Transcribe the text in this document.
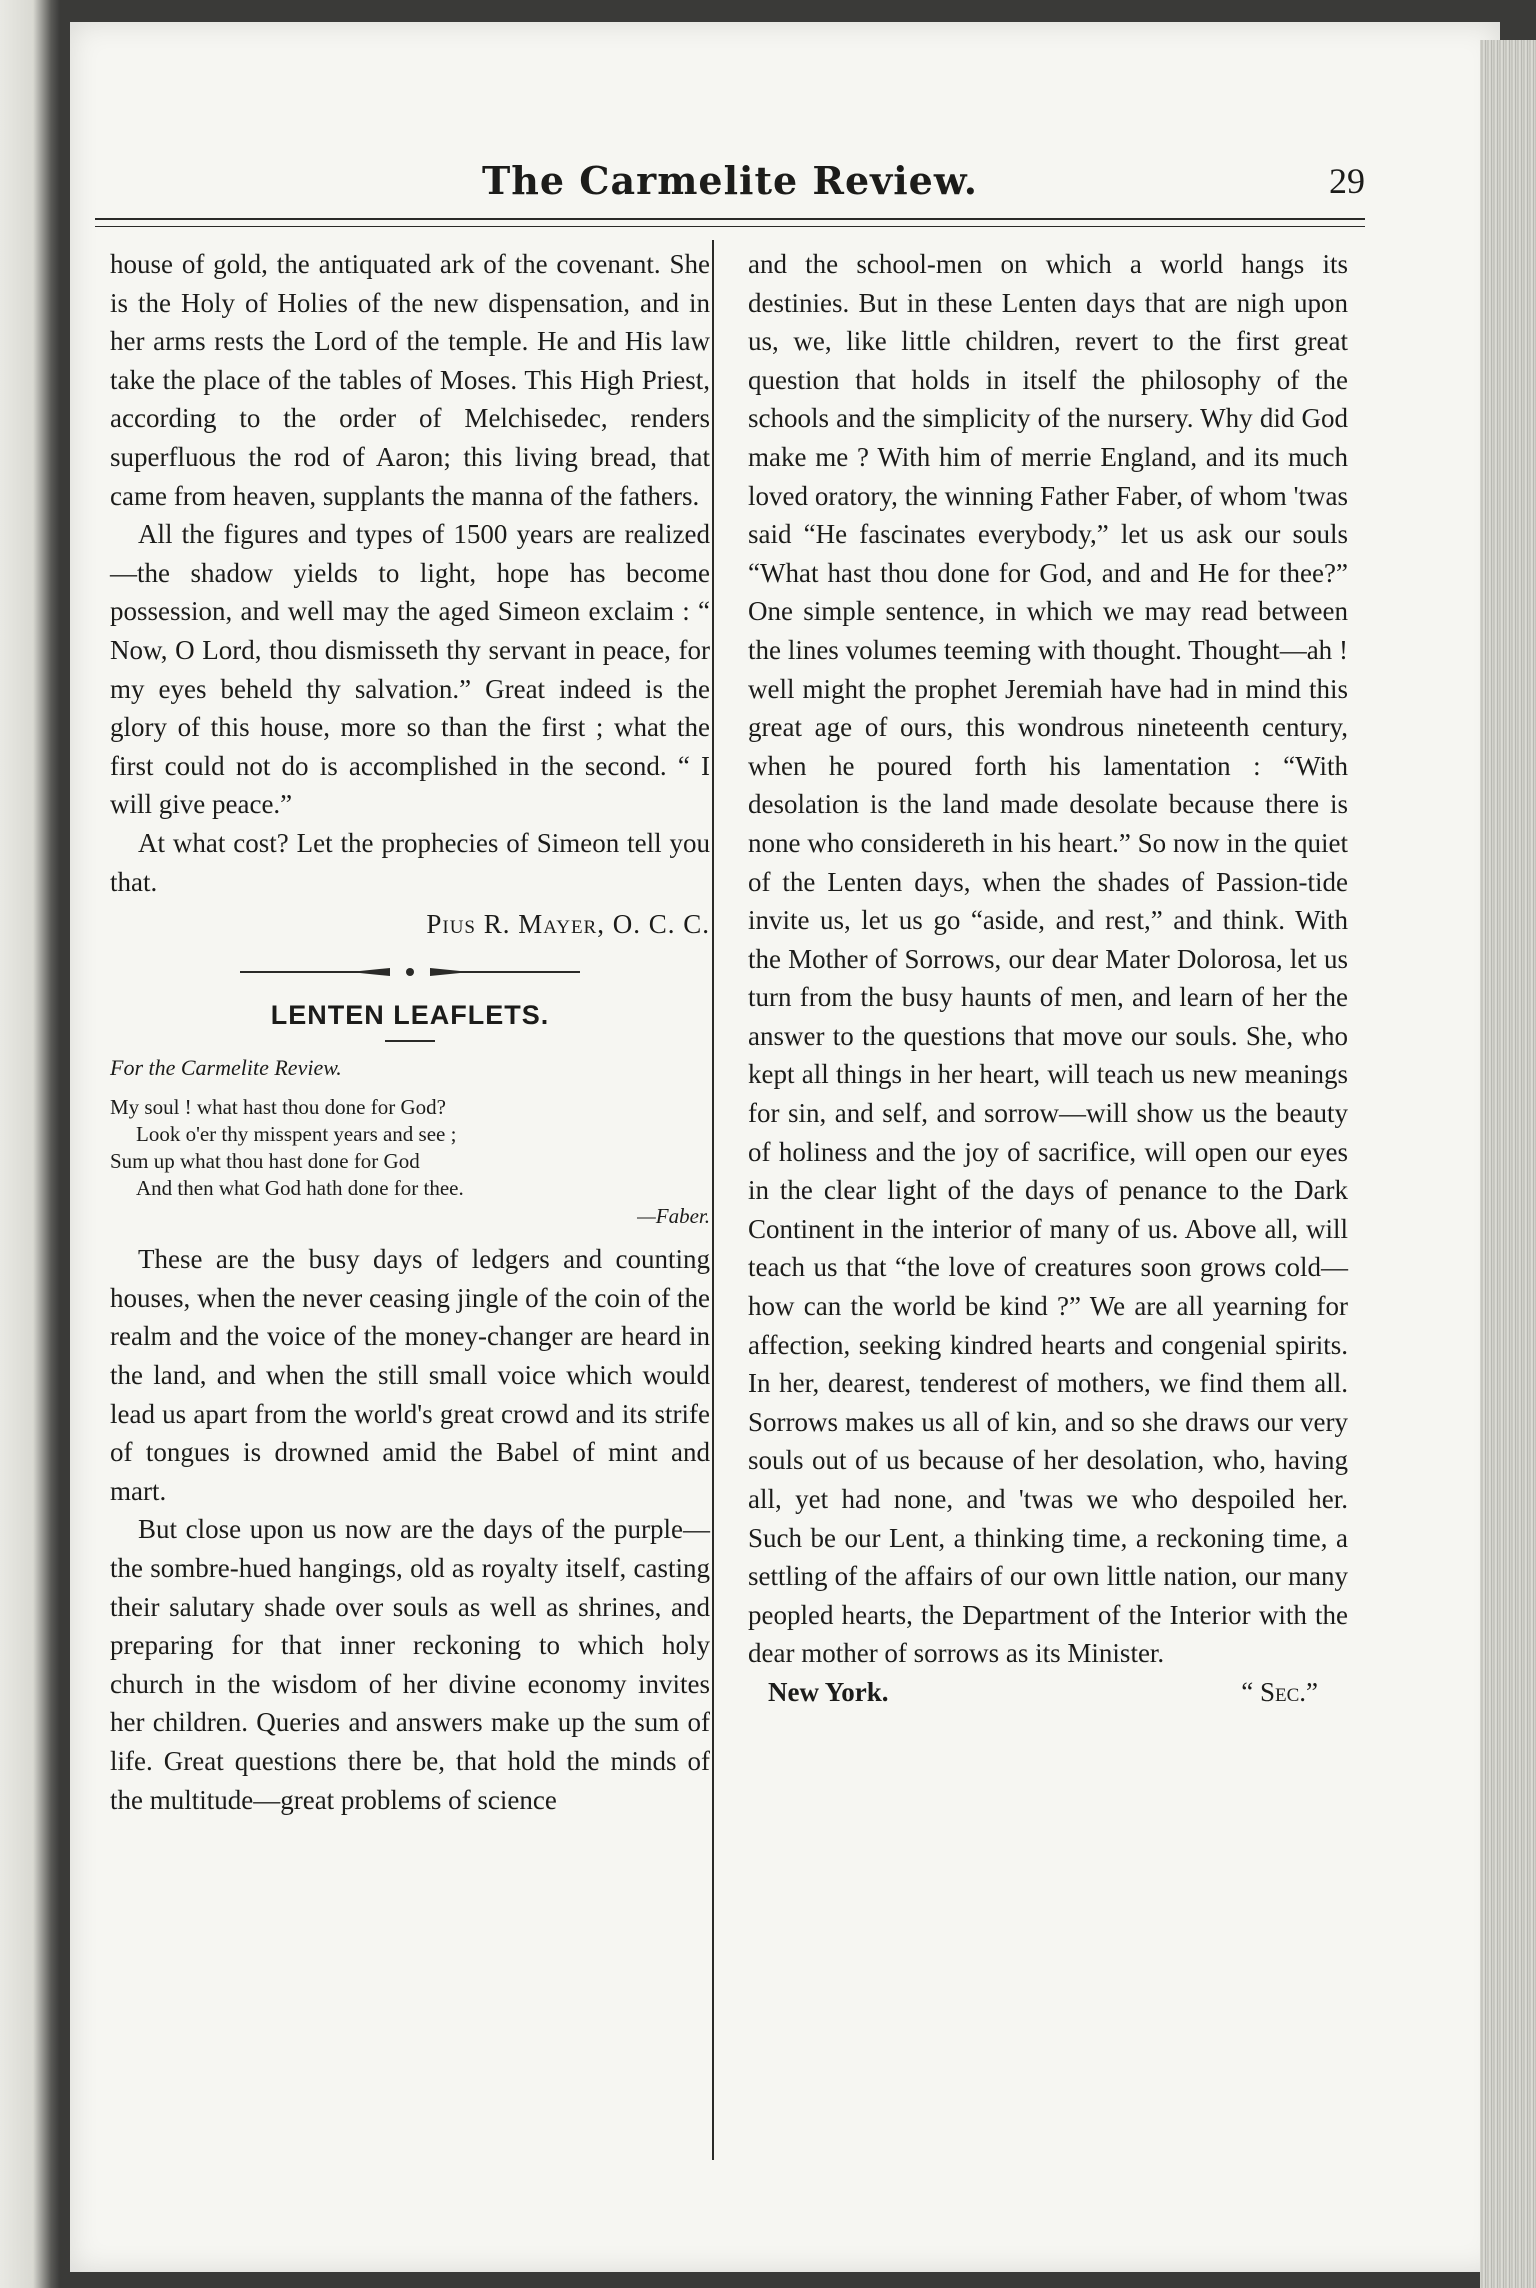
The Carmelite Review.	29

house of gold, the antiquated ark of the covenant. She is the Holy of Holies of the new dispensation, and in her arms rests the Lord of the temple. He and His law take the place of the tables of Moses. This High Priest, according to the order of Melchisedec, renders superfluous the rod of Aaron; this living bread, that came from heaven, supplants the manna of the fathers.

All the figures and types of 1500 years are realized—the shadow yields to light, hope has become possession, and well may the aged Simeon exclaim : “ Now, O Lord, thou dismisseth thy servant in peace, for my eyes beheld thy salvation.” Great indeed is the glory of this house, more so than the first ; what the first could not do is accomplished in the second. “ I will give peace.”

At what cost? Let the prophecies of Simeon tell you that.

Pius R. Mayer, O. C. C.

LENTEN LEAFLETS.

For the Carmelite Review.

My soul ! what hast thou done for God?
Look o'er thy misspent years and see ;
Sum up what thou hast done for God
And then what God hath done for thee.

—Faber.

These are the busy days of ledgers and counting houses, when the never ceasing jingle of the coin of the realm and the voice of the money-changer are heard in the land, and when the still small voice which would lead us apart from the world's great crowd and its strife of tongues is drowned amid the Babel of mint and mart.

But close upon us now are the days of the purple—the sombre-hued hangings, old as royalty itself, casting their salutary shade over souls as well as shrines, and preparing for that inner reckoning to which holy church in the wisdom of her divine economy invites her children. Queries and answers make up the sum of life. Great questions there be, that hold the minds of the multitude—great problems of science

and the school-men on which a world hangs its destinies. But in these Lenten days that are nigh upon us, we, like little children, revert to the first great question that holds in itself the philosophy of the schools and the simplicity of the nursery. Why did God make me ? With him of merrie England, and its much loved oratory, the winning Father Faber, of whom 'twas said “He fascinates everybody,” let us ask our souls “What hast thou done for God, and and He for thee?” One simple sentence, in which we may read between the lines volumes teeming with thought. Thought—ah ! well might the prophet Jeremiah have had in mind this great age of ours, this wondrous nineteenth century, when he poured forth his lamentation : “With desolation is the land made desolate because there is none who considereth in his heart.” So now in the quiet of the Lenten days, when the shades of Passion-tide invite us, let us go “aside, and rest,” and think. With the Mother of Sorrows, our dear Mater Dolorosa, let us turn from the busy haunts of men, and learn of her the answer to the questions that move our souls. She, who kept all things in her heart, will teach us new meanings for sin, and self, and sorrow—will show us the beauty of holiness and the joy of sacrifice, will open our eyes in the clear light of the days of penance to the Dark Continent in the interior of many of us. Above all, will teach us that “the love of creatures soon grows cold—how can the world be kind ?” We are all yearning for affection, seeking kindred hearts and congenial spirits. In her, dearest, tenderest of mothers, we find them all. Sorrows makes us all of kin, and so she draws our very souls out of us because of her desolation, who, having all, yet had none, and 'twas we who despoiled her. Such be our Lent, a thinking time, a reckoning time, a settling of the affairs of our own little nation, our many peopled hearts, the Department of the Interior with the dear mother of sorrows as its Minister.

New York.	“ Sec.”
